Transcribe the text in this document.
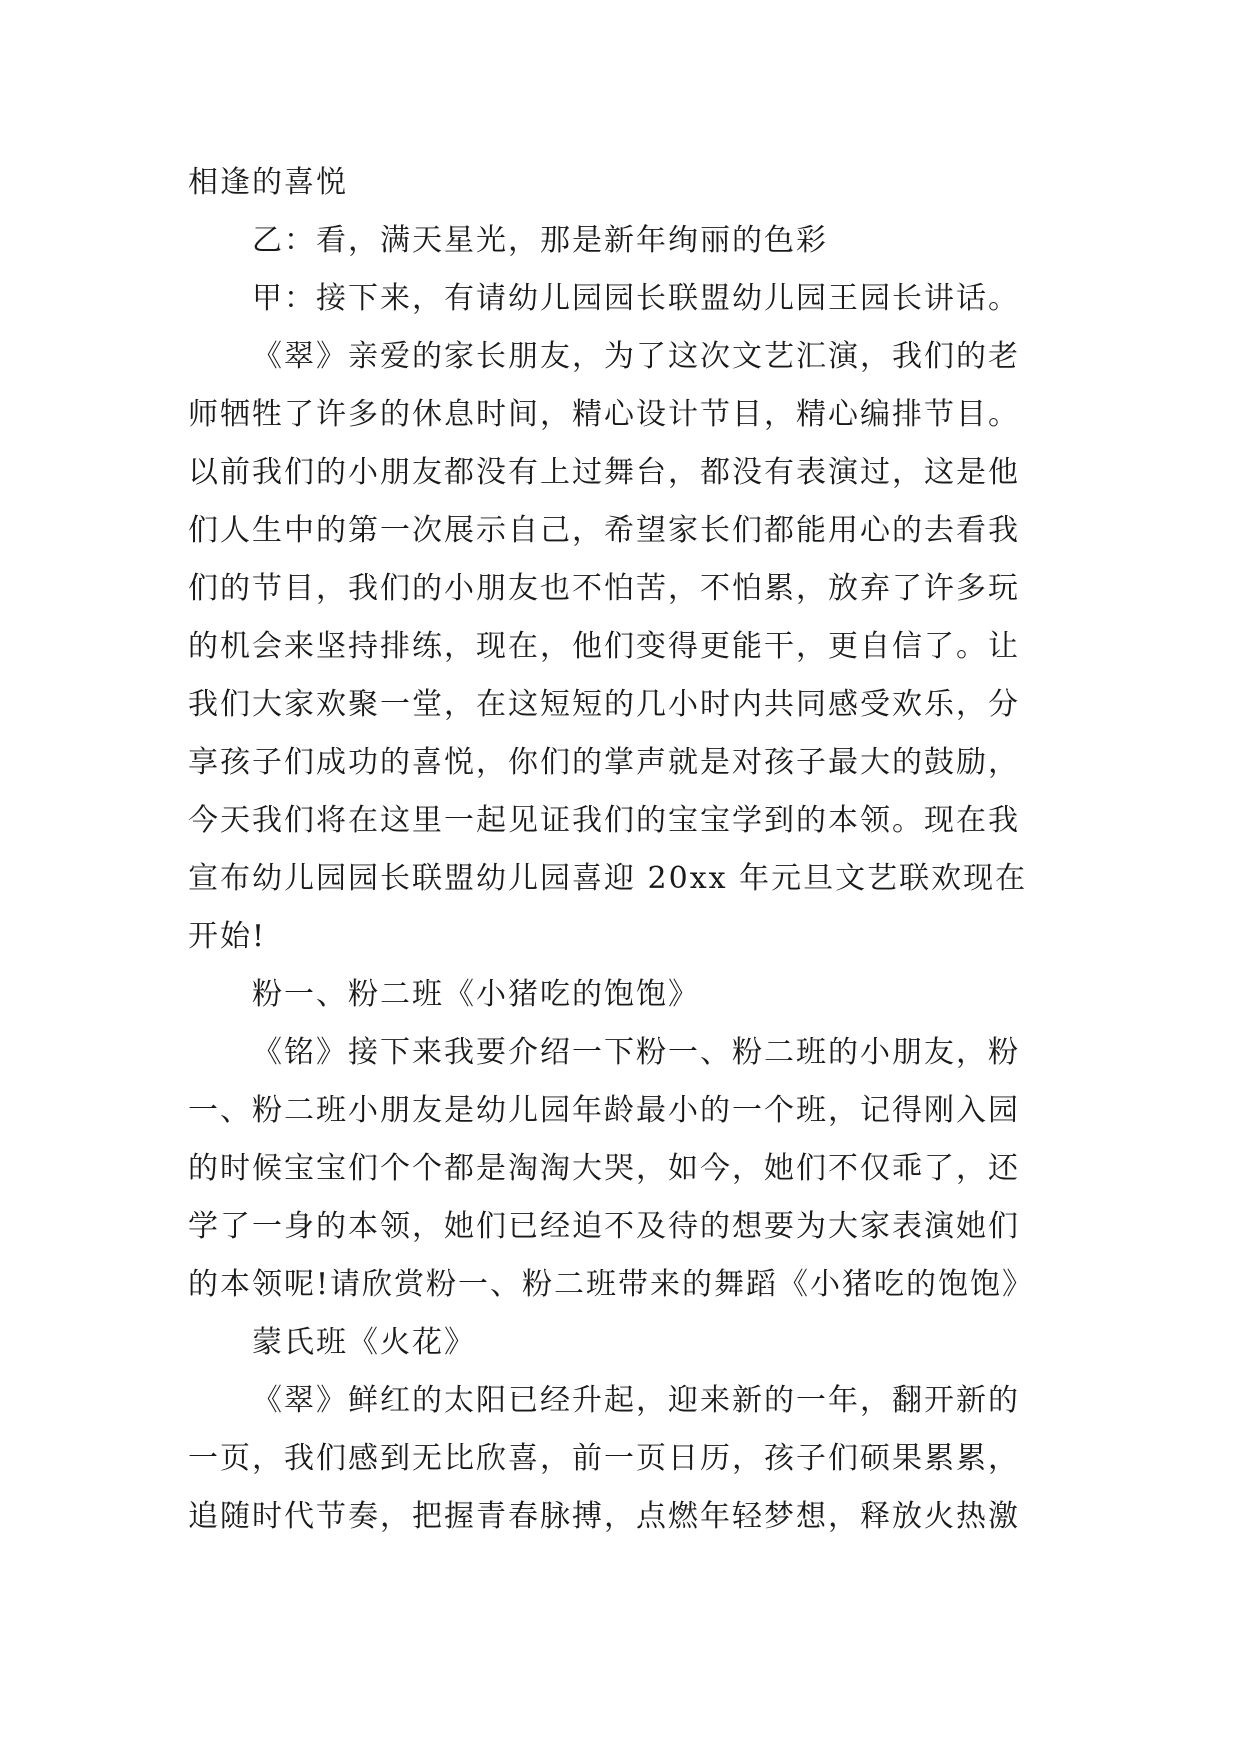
相逢的喜悦
乙：看，满天星光，那是新年绚丽的色彩
甲：接下来，有请幼儿园园长联盟幼儿园王园长讲话。
《翠》亲爱的家长朋友，为了这次文艺汇演，我们的老
师牺牲了许多的休息时间，精心设计节目，精心编排节目。
以前我们的小朋友都没有上过舞台，都没有表演过，这是他
们人生中的第一次展示自己，希望家长们都能用心的去看我
们的节目，我们的小朋友也不怕苦，不怕累，放弃了许多玩
的机会来坚持排练，现在，他们变得更能干，更自信了。让
我们大家欢聚一堂，在这短短的几小时内共同感受欢乐，分
享孩子们成功的喜悦，你们的掌声就是对孩子最大的鼓励，
今天我们将在这里一起见证我们的宝宝学到的本领。现在我
宣布幼儿园园长联盟幼儿园喜迎 20xx 年元旦文艺联欢现在
开始!
粉一、粉二班《小猪吃的饱饱》
《铭》接下来我要介绍一下粉一、粉二班的小朋友，粉
一、粉二班小朋友是幼儿园年龄最小的一个班，记得刚入园
的时候宝宝们个个都是淘淘大哭，如今，她们不仅乖了，还
学了一身的本领，她们已经迫不及待的想要为大家表演她们
的本领呢!请欣赏粉一、粉二班带来的舞蹈《小猪吃的饱饱》
蒙氏班《火花》
《翠》鲜红的太阳已经升起，迎来新的一年，翻开新的
一页，我们感到无比欣喜，前一页日历，孩子们硕果累累，
追随时代节奏，把握青春脉搏，点燃年轻梦想，释放火热激
